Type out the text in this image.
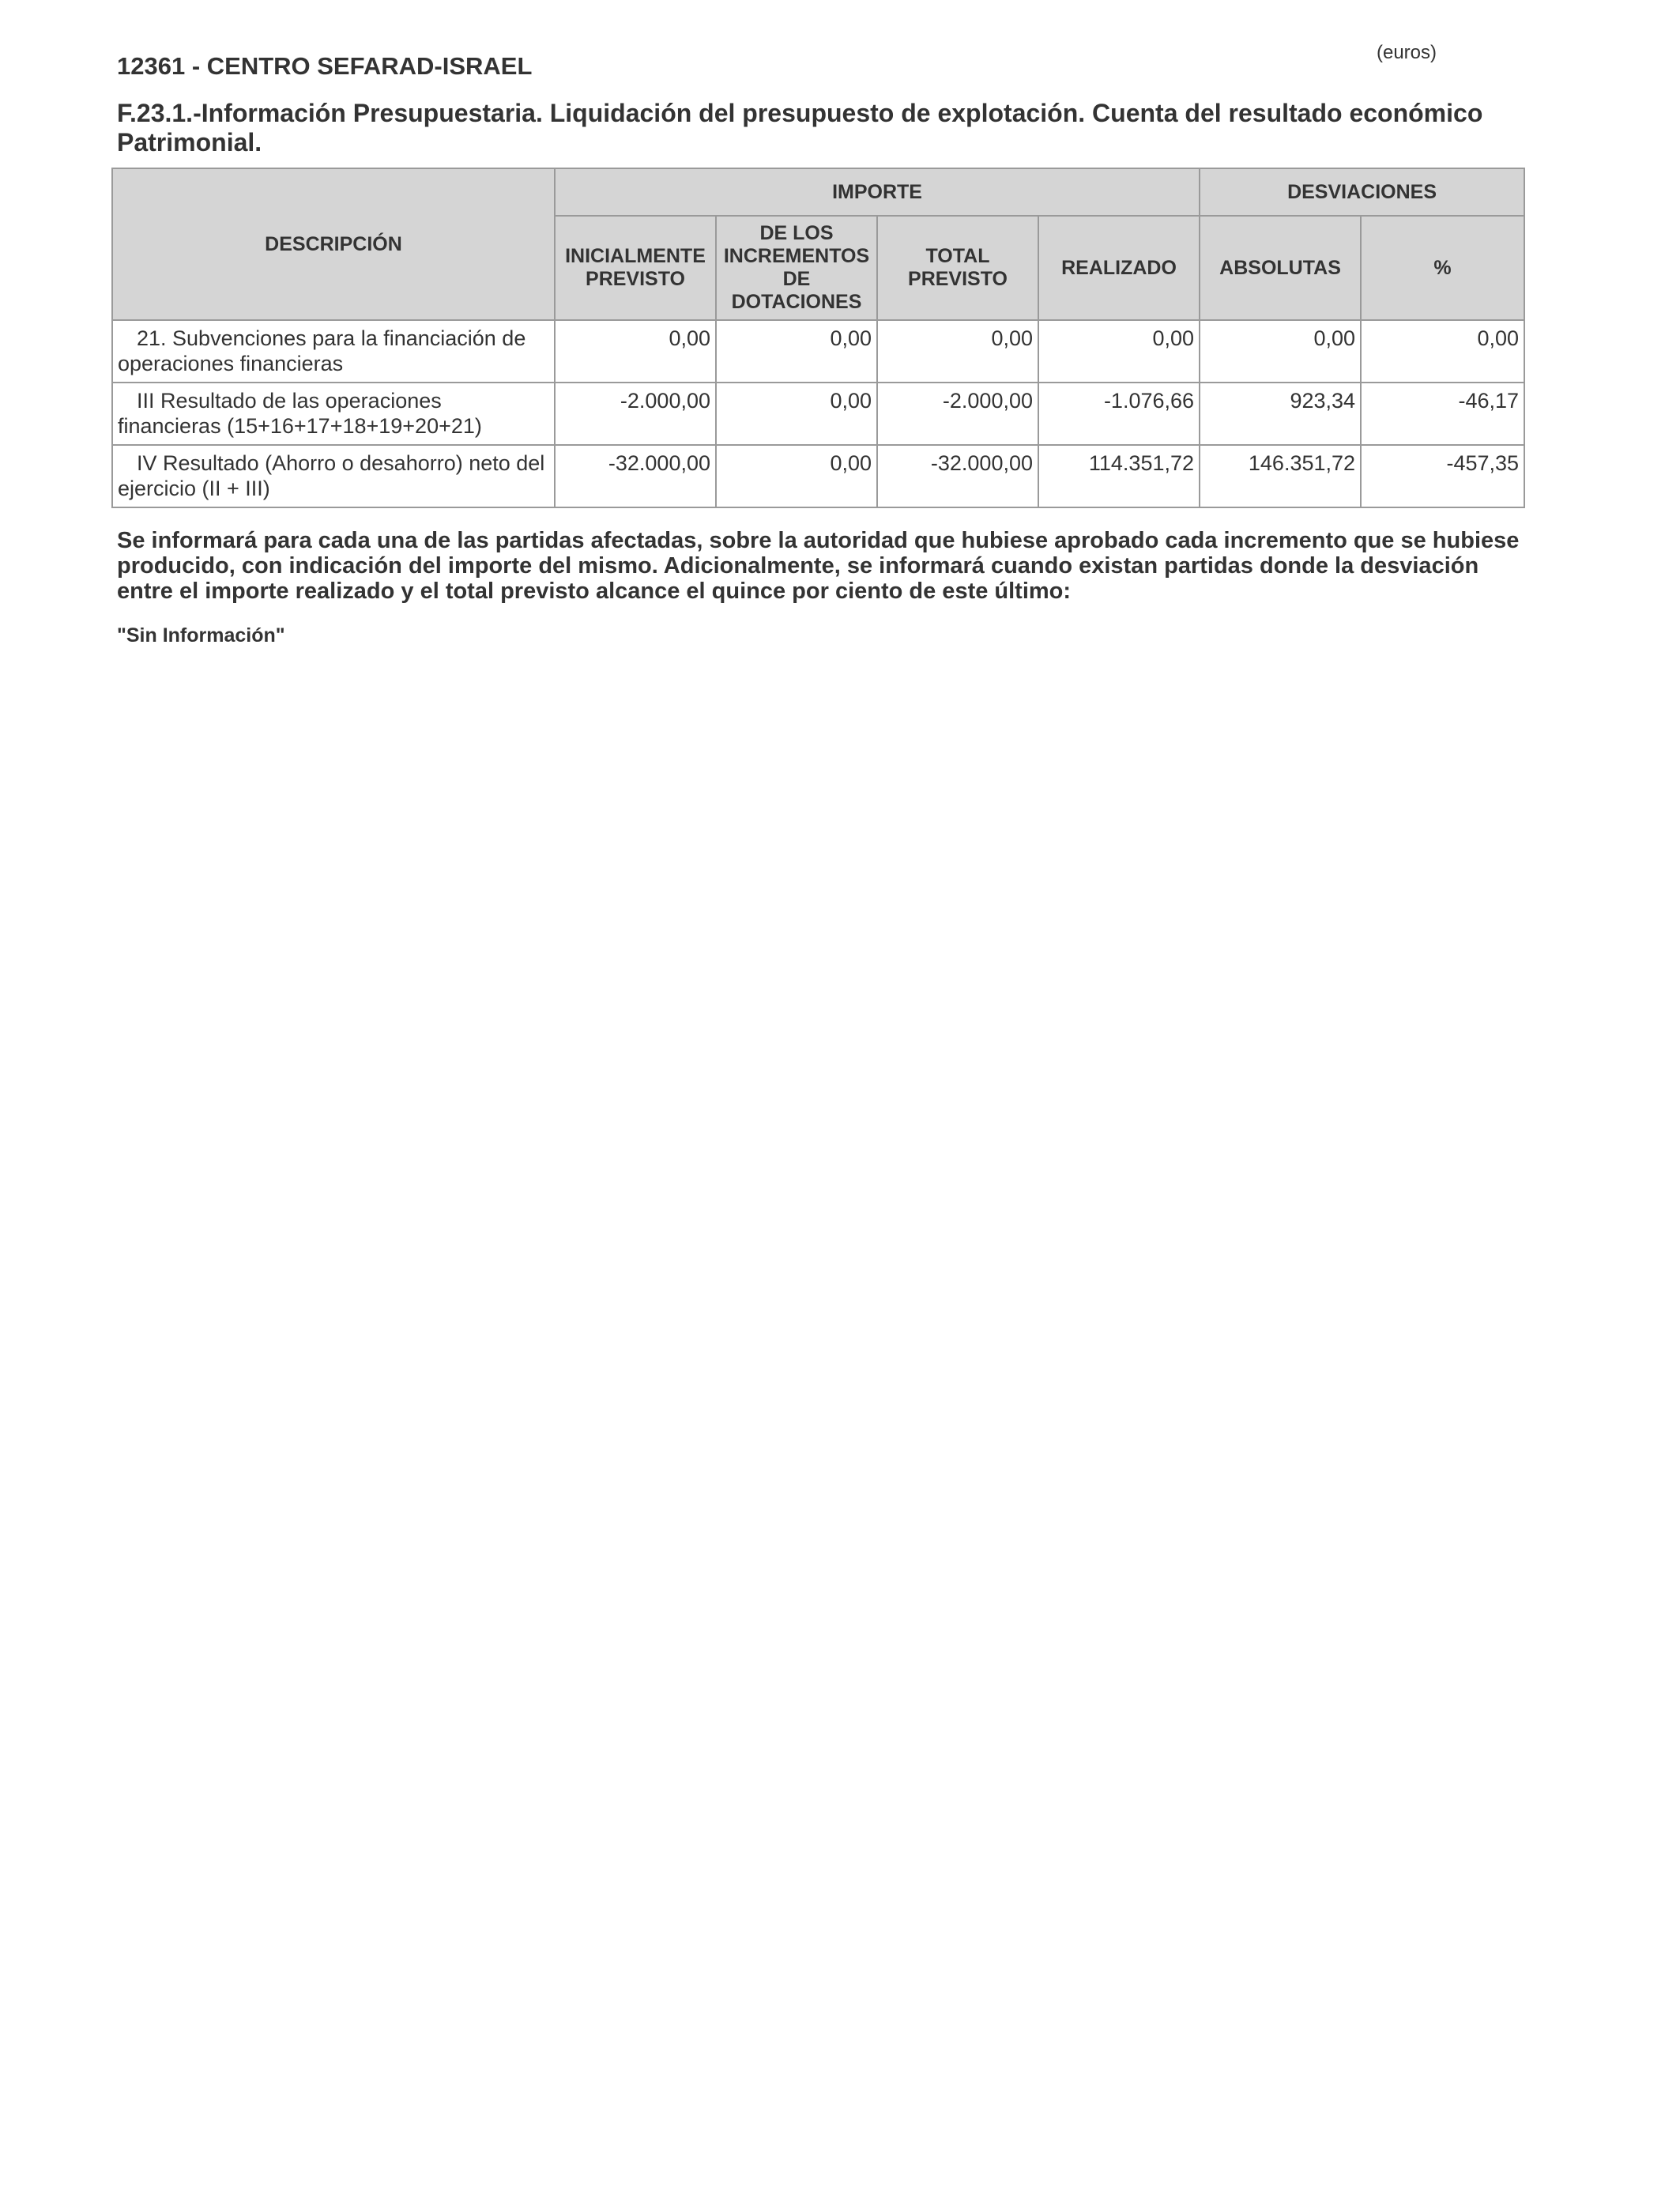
(euros)
12361 - CENTRO SEFARAD-ISRAEL
F.23.1.-Información Presupuestaria. Liquidación del presupuesto de explotación. Cuenta del resultado económico Patrimonial.
DESCRIPCIÓN	IMPORTE				DESVIACIONES	
	INICIALMENTE PREVISTO	DE LOS INCREMENTOS DE DOTACIONES	TOTAL PREVISTO	REALIZADO	ABSOLUTAS	%
21. Subvenciones para la financiación de operaciones financieras	0,00	0,00	0,00	0,00	0,00	0,00
III Resultado de las operaciones financieras (15+16+17+18+19+20+21)	-2.000,00	0,00	-2.000,00	-1.076,66	923,34	-46,17
IV Resultado (Ahorro o desahorro) neto del ejercicio (II + III)	-32.000,00	0,00	-32.000,00	114.351,72	146.351,72	-457,35
Se informará para cada una de las partidas afectadas, sobre la autoridad que hubiese aprobado cada incremento que se hubiese producido, con indicación del importe del mismo. Adicionalmente, se informará cuando existan partidas donde la desviación entre el importe realizado y el total previsto alcance el quince por ciento de este último:
"Sin Información"
